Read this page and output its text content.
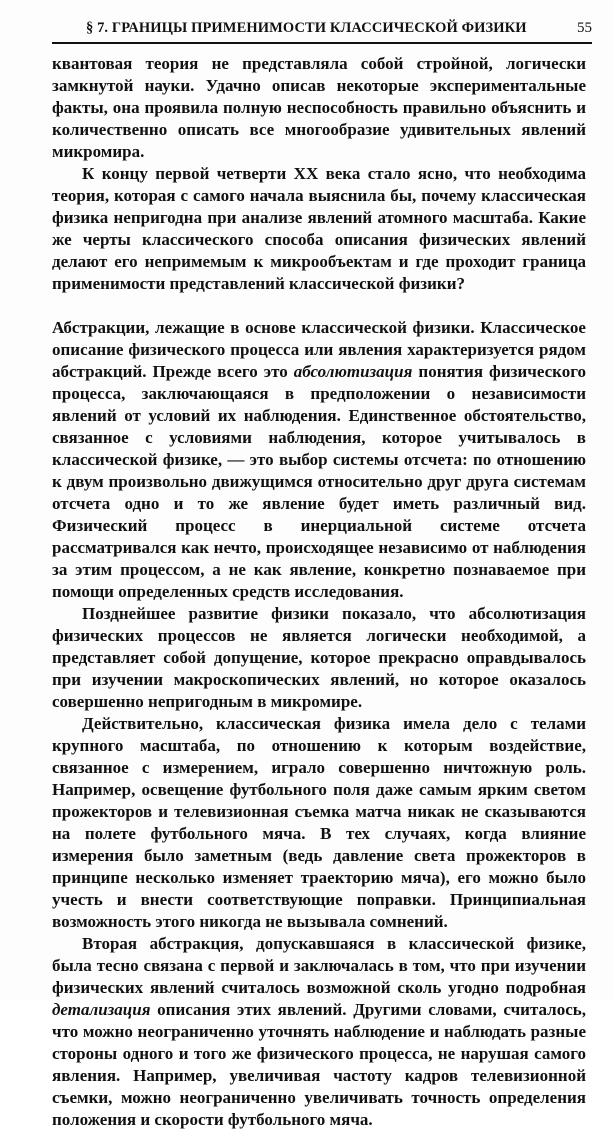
§ 7. ГРАНИЦЫ ПРИМЕНИМОСТИ КЛАССИЧЕСКОЙ ФИЗИКИ	55

квантовая теория не представляла собой стройной, логически замкнутой науки. Удачно описав некоторые экспериментальные факты, она проявила полную неспособность правильно объяснить и количественно описать все многообразие удивительных явлений микромира.

К концу первой четверти XX века стало ясно, что необходима теория, которая с самого начала выяснила бы, почему классическая физика непригодна при анализе явлений атомного масштаба. Какие же черты классического способа описания физических явлений делают его непримемым к микрообъектам и где проходит граница применимости представлений классической физики?

Абстракции, лежащие в основе классической физики. Классическое описание физического процесса или явления характеризуется рядом абстракций. Прежде всего это абсолютизация понятия физического процесса, заключающаяся в предположении о независимости явлений от условий их наблюдения. Единственное обстоятельство, связанное с условиями наблюдения, которое учитывалось в классической физике, — это выбор системы отсчета: по отношению к двум произвольно движущимся относительно друг друга системам отсчета одно и то же явление будет иметь различный вид. Физический процесс в инерциальной системе отсчета рассматривался как нечто, происходящее независимо от наблюдения за этим процессом, а не как явление, конкретно познаваемое при помощи определенных средств исследования.

Позднейшее развитие физики показало, что абсолютизация физических процессов не является логически необходимой, а представляет собой допущение, которое прекрасно оправдывалось при изучении макроскопических явлений, но которое оказалось совершенно непригодным в микромире.

Действительно, классическая физика имела дело с телами крупного масштаба, по отношению к которым воздействие, связанное с измерением, играло совершенно ничтожную роль. Например, освещение футбольного поля даже самым ярким светом прожекторов и телевизионная съемка матча никак не сказываются на полете футбольного мяча. В тех случаях, когда влияние измерения было заметным (ведь давление света прожекторов в принципе несколько изменяет траекторию мяча), его можно было учесть и внести соответствующие поправки. Принципиальная возможность этого никогда не вызывала сомнений.

Вторая абстракция, допускавшаяся в классической физике, была тесно связана с первой и заключалась в том, что при изучении физических явлений считалось возможной сколь угодно подробная детализация описания этих явлений. Другими словами, считалось, что можно неограниченно уточнять наблюдение и наблюдать разные стороны одного и того же физического процесса, не нарушая самого явления. Например, увеличивая частоту кадров телевизионной съемки, можно неограниченно увеличивать точность определения положения и скорости футбольного мяча.
